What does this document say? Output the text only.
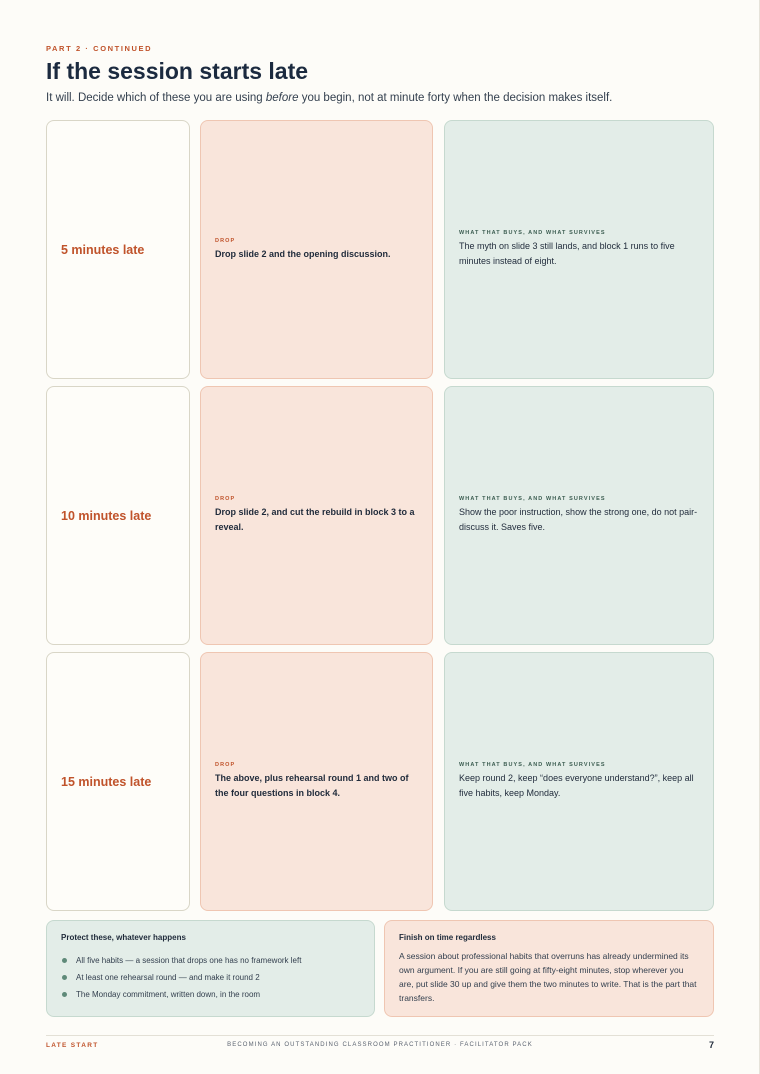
PART 2 · CONTINUED
If the session starts late

It will. Decide which of these you are using before you begin, not at minute forty when the decision makes itself.

5 minutes late
DROP
Drop slide 2 and the opening discussion.
WHAT THAT BUYS, AND WHAT SURVIVES
The myth on slide 3 still lands, and block 1 runs to five minutes instead of eight.
10 minutes late
DROP
Drop slide 2, and cut the rebuild in block 3 to a reveal.
WHAT THAT BUYS, AND WHAT SURVIVES
Show the poor instruction, show the strong one, do not pair-discuss it. Saves five.
15 minutes late
DROP
The above, plus rehearsal round 1 and two of the four questions in block 4.
WHAT THAT BUYS, AND WHAT SURVIVES
Keep round 2, keep “does everyone understand?”, keep all five habits, keep Monday.
Protect these, whatever happens
All five habits — a session that drops one has no framework left
At least one rehearsal round — and make it round 2
The Monday commitment, written down, in the room
Finish on time regardless

A session about professional habits that overruns has already undermined its own argument. If you are still going at fifty-eight minutes, stop wherever you are, put slide 30 up and give them the two minutes to write. That is the part that transfers.

LATE START	BECOMING AN OUTSTANDING CLASSROOM PRACTITIONER · FACILITATOR PACK	7
